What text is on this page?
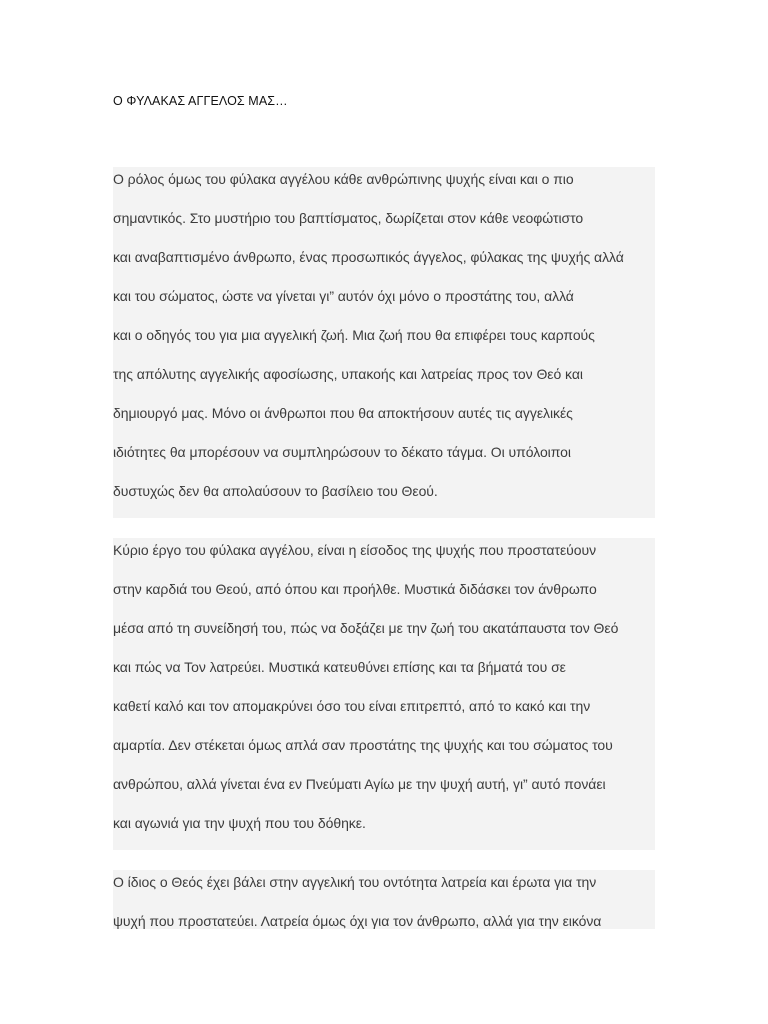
Ο ΦΥΛΑΚΑΣ ΑΓΓΕΛΟΣ ΜΑΣ…
Ο ρόλος όμως του φύλακα αγγέλου κάθε ανθρώπινης ψυχής είναι και ο πιο
σημαντικός. Στο μυστήριο του βαπτίσματος, δωρίζεται στον κάθε νεοφώτιστο
και αναβαπτισμένο άνθρωπο, ένας προσωπικός άγγελος, φύλακας της ψυχής αλλά
και του σώματος, ώστε να γίνεται γι” αυτόν όχι μόνο ο προστάτης του, αλλά
και ο οδηγός του για μια αγγελική ζωή. Μια ζωή που θα επιφέρει τους καρπούς
της απόλυτης αγγελικής αφοσίωσης, υπακοής και λατρείας προς τον Θεό και
δημιουργό μας. Μόνο οι άνθρωποι που θα αποκτήσουν αυτές τις αγγελικές
ιδιότητες θα μπορέσουν να συμπληρώσουν το δέκατο τάγμα. Οι υπόλοιποι
δυστυχώς δεν θα απολαύσουν το βασίλειο του Θεού.
Κύριο έργο του φύλακα αγγέλου, είναι η είσοδος της ψυχής που προστατεύουν
στην καρδιά του Θεού, από όπου και προήλθε. Μυστικά διδάσκει τον άνθρωπο
μέσα από τη συνείδησή του, πώς να δοξάζει με την ζωή του ακατάπαυστα τον Θεό
και πώς να Τον λατρεύει. Μυστικά κατευθύνει επίσης και τα βήματά του σε
καθετί καλό και τον απομακρύνει όσο του είναι επιτρεπτό, από το κακό και την
αμαρτία. Δεν στέκεται όμως απλά σαν προστάτης της ψυχής και του σώματος του
ανθρώπου, αλλά γίνεται ένα εν Πνεύματι Αγίω με την ψυχή αυτή, γι” αυτό πονάει
και αγωνιά για την ψυχή που του δόθηκε.
Ο ίδιος ο Θεός έχει βάλει στην αγγελική του οντότητα λατρεία και έρωτα για την
ψυχή που προστατεύει. Λατρεία όμως όχι για τον άνθρωπο, αλλά για την εικόνα
